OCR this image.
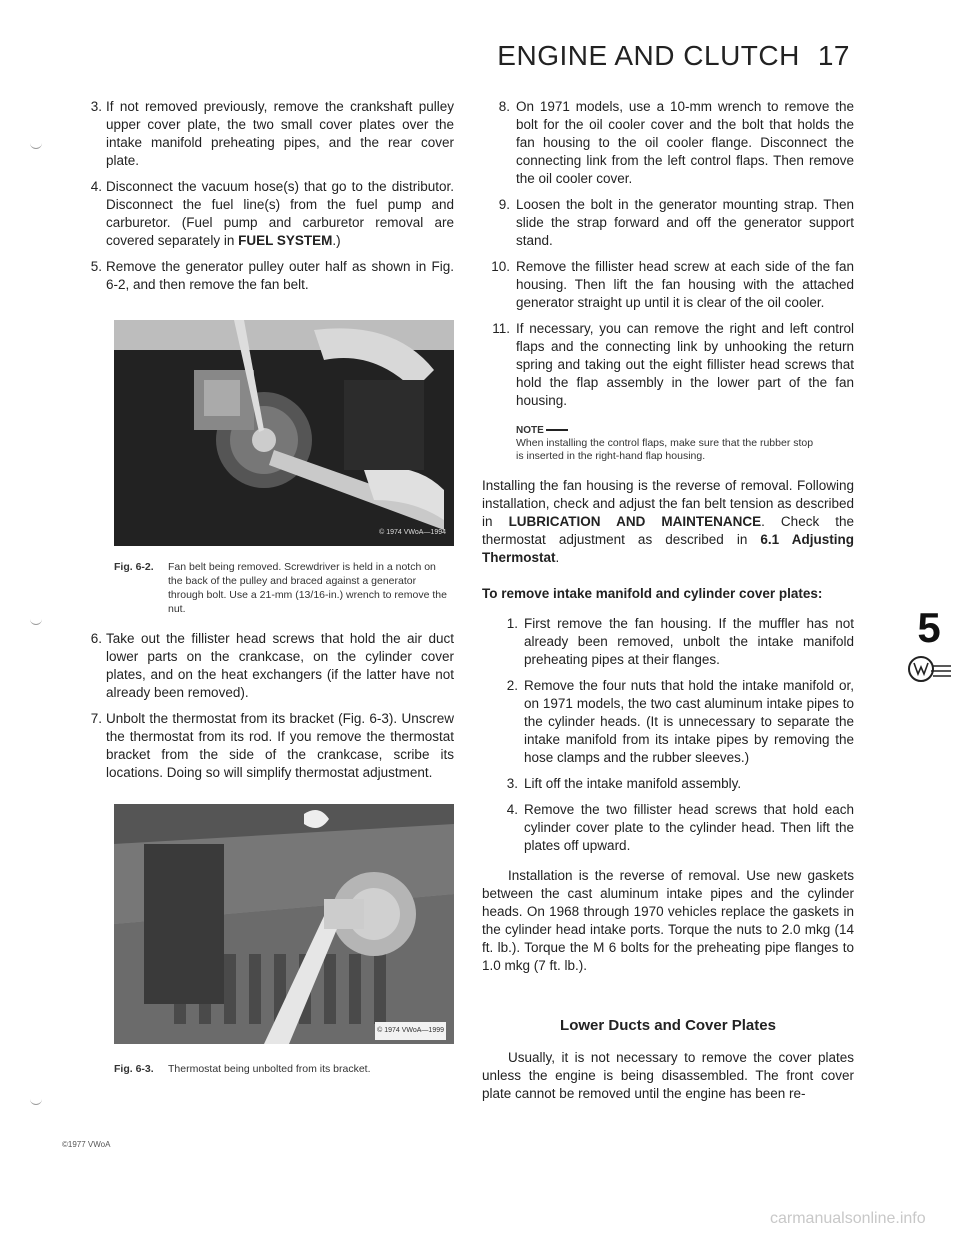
ENGINE AND CLUTCH 17
3. If not removed previously, remove the crankshaft pulley upper cover plate, the two small cover plates over the intake manifold preheating pipes, and the rear cover plate.
4. Disconnect the vacuum hose(s) that go to the distributor. Disconnect the fuel line(s) from the fuel pump and carburetor. (Fuel pump and carburetor removal are covered separately in FUEL SYSTEM.)
5. Remove the generator pulley outer half as shown in Fig. 6-2, and then remove the fan belt.
© 1974 VWoA—1994
Fig. 6-2. Fan belt being removed. Screwdriver is held in a notch on the back of the pulley and braced against a generator through bolt. Use a 21-mm (13/16-in.) wrench to remove the nut.
6. Take out the fillister head screws that hold the air duct lower parts on the crankcase, on the cylinder cover plates, and on the heat exchangers (if the latter have not already been removed).
7. Unbolt the thermostat from its bracket (Fig. 6-3). Unscrew the thermostat from its rod. If you remove the thermostat bracket from the side of the crankcase, scribe its locations. Doing so will simplify thermostat adjustment.
© 1974 VWoA—1999
Fig. 6-3. Thermostat being unbolted from its bracket.
©1977 VWoA
8. On 1971 models, use a 10-mm wrench to remove the bolt for the oil cooler cover and the bolt that holds the fan housing to the oil cooler flange. Disconnect the connecting link from the left control flaps. Then remove the oil cooler cover.
9. Loosen the bolt in the generator mounting strap. Then slide the strap forward and off the generator support stand.
10. Remove the fillister head screw at each side of the fan housing. Then lift the fan housing with the attached generator straight up until it is clear of the oil cooler.
11. If necessary, you can remove the right and left control flaps and the connecting link by unhooking the return spring and taking out the eight fillister head screws that hold the flap assembly in the lower part of the fan housing.
NOTE
When installing the control flaps, make sure that the rubber stop is inserted in the right-hand flap housing.

Installing the fan housing is the reverse of removal. Following installation, check and adjust the fan belt tension as described in LUBRICATION AND MAINTENANCE. Check the thermostat adjustment as described in 6.1 Adjusting Thermostat.

To remove intake manifold and cylinder cover plates:

1. First remove the fan housing. If the muffler has not already been removed, unbolt the intake manifold preheating pipes at their flanges.
2. Remove the four nuts that hold the intake manifold or, on 1971 models, the two cast aluminum intake pipes to the cylinder heads. (It is unnecessary to separate the intake manifold from its intake pipes by removing the hose clamps and the rubber sleeves.)
3. Lift off the intake manifold assembly.
4. Remove the two fillister head screws that hold each cylinder cover plate to the cylinder head. Then lift the plates off upward.

Installation is the reverse of removal. Use new gaskets between the cast aluminum intake pipes and the cylinder heads. On 1968 through 1970 vehicles replace the gaskets in the cylinder head intake ports. Torque the nuts to 2.0 mkg (14 ft. lb.). Torque the M 6 bolts for the preheating pipe flanges to 1.0 mkg (7 ft. lb.).

Lower Ducts and Cover Plates

Usually, it is not necessary to remove the cover plates unless the engine is being disassembled. The front cover plate cannot be removed until the engine has been re-

5
carmanualsonline.info
